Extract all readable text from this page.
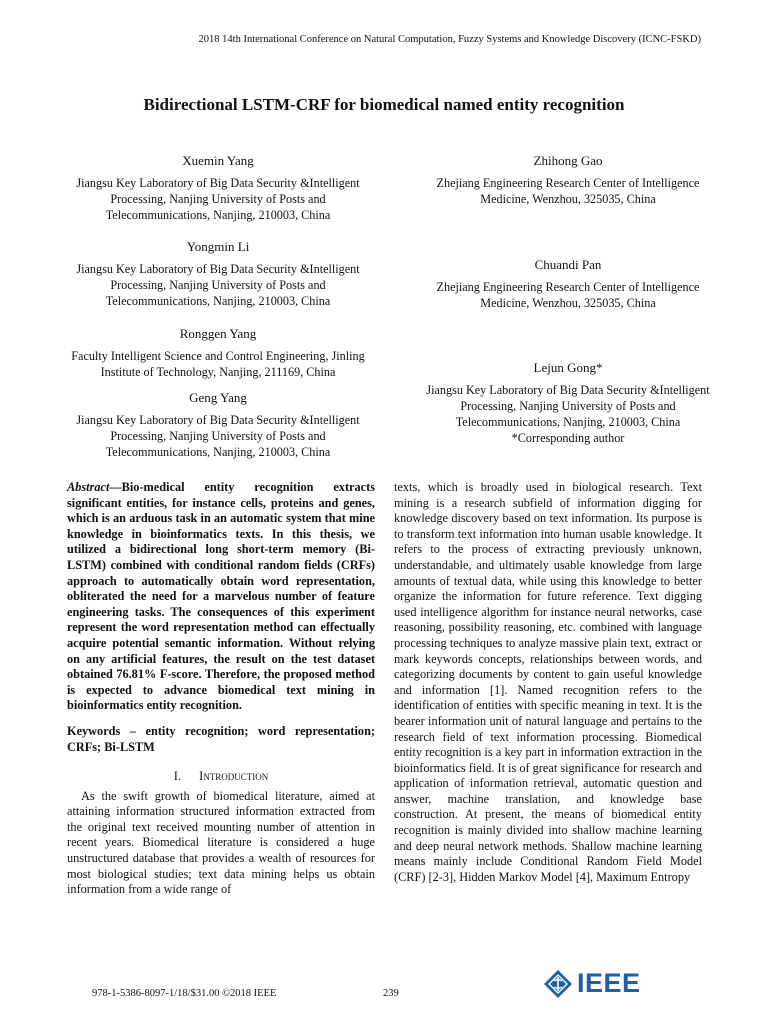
2018 14th International Conference on Natural Computation, Fuzzy Systems and Knowledge Discovery (ICNC-FSKD)
Bidirectional LSTM-CRF for biomedical named entity recognition
Xuemin Yang
Jiangsu Key Laboratory of Big Data Security &Intelligent
Processing, Nanjing University of Posts and
Telecommunications, Nanjing, 210003, China
Zhihong Gao
Zhejiang Engineering Research Center of Intelligence
Medicine, Wenzhou, 325035, China
Yongmin Li
Jiangsu Key Laboratory of Big Data Security &Intelligent
Processing, Nanjing University of Posts and
Telecommunications, Nanjing, 210003, China
Chuandi Pan
Zhejiang Engineering Research Center of Intelligence
Medicine, Wenzhou, 325035, China
Ronggen Yang
Faculty Intelligent Science and Control Engineering, Jinling
Institute of Technology, Nanjing, 211169, China	Lejun Gong*
Jiangsu Key Laboratory of Big Data Security &Intelligent
Processing, Nanjing University of Posts and
Telecommunications, Nanjing, 210003, China
*Corresponding author
Geng Yang
Jiangsu Key Laboratory of Big Data Security &Intelligent
Processing, Nanjing University of Posts and
Telecommunications, Nanjing, 210003, China
Abstract—Bio-medical entity recognition extracts significant entities, for instance cells, proteins and genes, which is an arduous task in an automatic system that mine knowledge in bioinformatics texts. In this thesis, we utilized a bidirectional long short-term memory (Bi-LSTM) combined with conditional random fields (CRFs) approach to automatically obtain word representation, obliterated the need for a marvelous number of feature engineering tasks. The consequences of this experiment represent the word representation method can effectually acquire potential semantic information. Without relying on any artificial features, the result on the test dataset obtained 76.81% F-score. Therefore, the proposed method is expected to advance biomedical text mining in bioinformatics entity recognition.
Keywords – entity recognition; word representation; CRFs; Bi-LSTM
I. Introduction
As the swift growth of biomedical literature, aimed at attaining information structured information extracted from the original text received mounting number of attention in recent years. Biomedical literature is considered a huge unstructured database that provides a wealth of resources for most biological studies; text data mining helps us obtain information from a wide range of
texts, which is broadly used in biological research. Text mining is a research subfield of information digging for knowledge discovery based on text information. Its purpose is to transform text information into human usable knowledge. It refers to the process of extracting previously unknown, understandable, and ultimately usable knowledge from large amounts of textual data, while using this knowledge to better organize the information for future reference. Text digging used intelligence algorithm for instance neural networks, case reasoning, possibility reasoning, etc. combined with language processing techniques to analyze massive plain text, extract or mark keywords concepts, relationships between words, and categorizing documents by content to gain useful knowledge and information [1]. Named recognition refers to the identification of entities with specific meaning in text. It is the bearer information unit of natural language and pertains to the research field of text information processing. Biomedical entity recognition is a key part in information extraction in the bioinformatics field. It is of great significance for research and application of information retrieval, automatic question and answer, machine translation, and knowledge base construction. At present, the means of biomedical entity recognition is mainly divided into shallow machine learning and deep neural network methods. Shallow machine learning means mainly include Conditional Random Field Model (CRF) [2-3], Hidden Markov Model [4], Maximum Entropy
978-1-5386-8097-1/18/$31.00 ©2018 IEEE	239	IEEE
